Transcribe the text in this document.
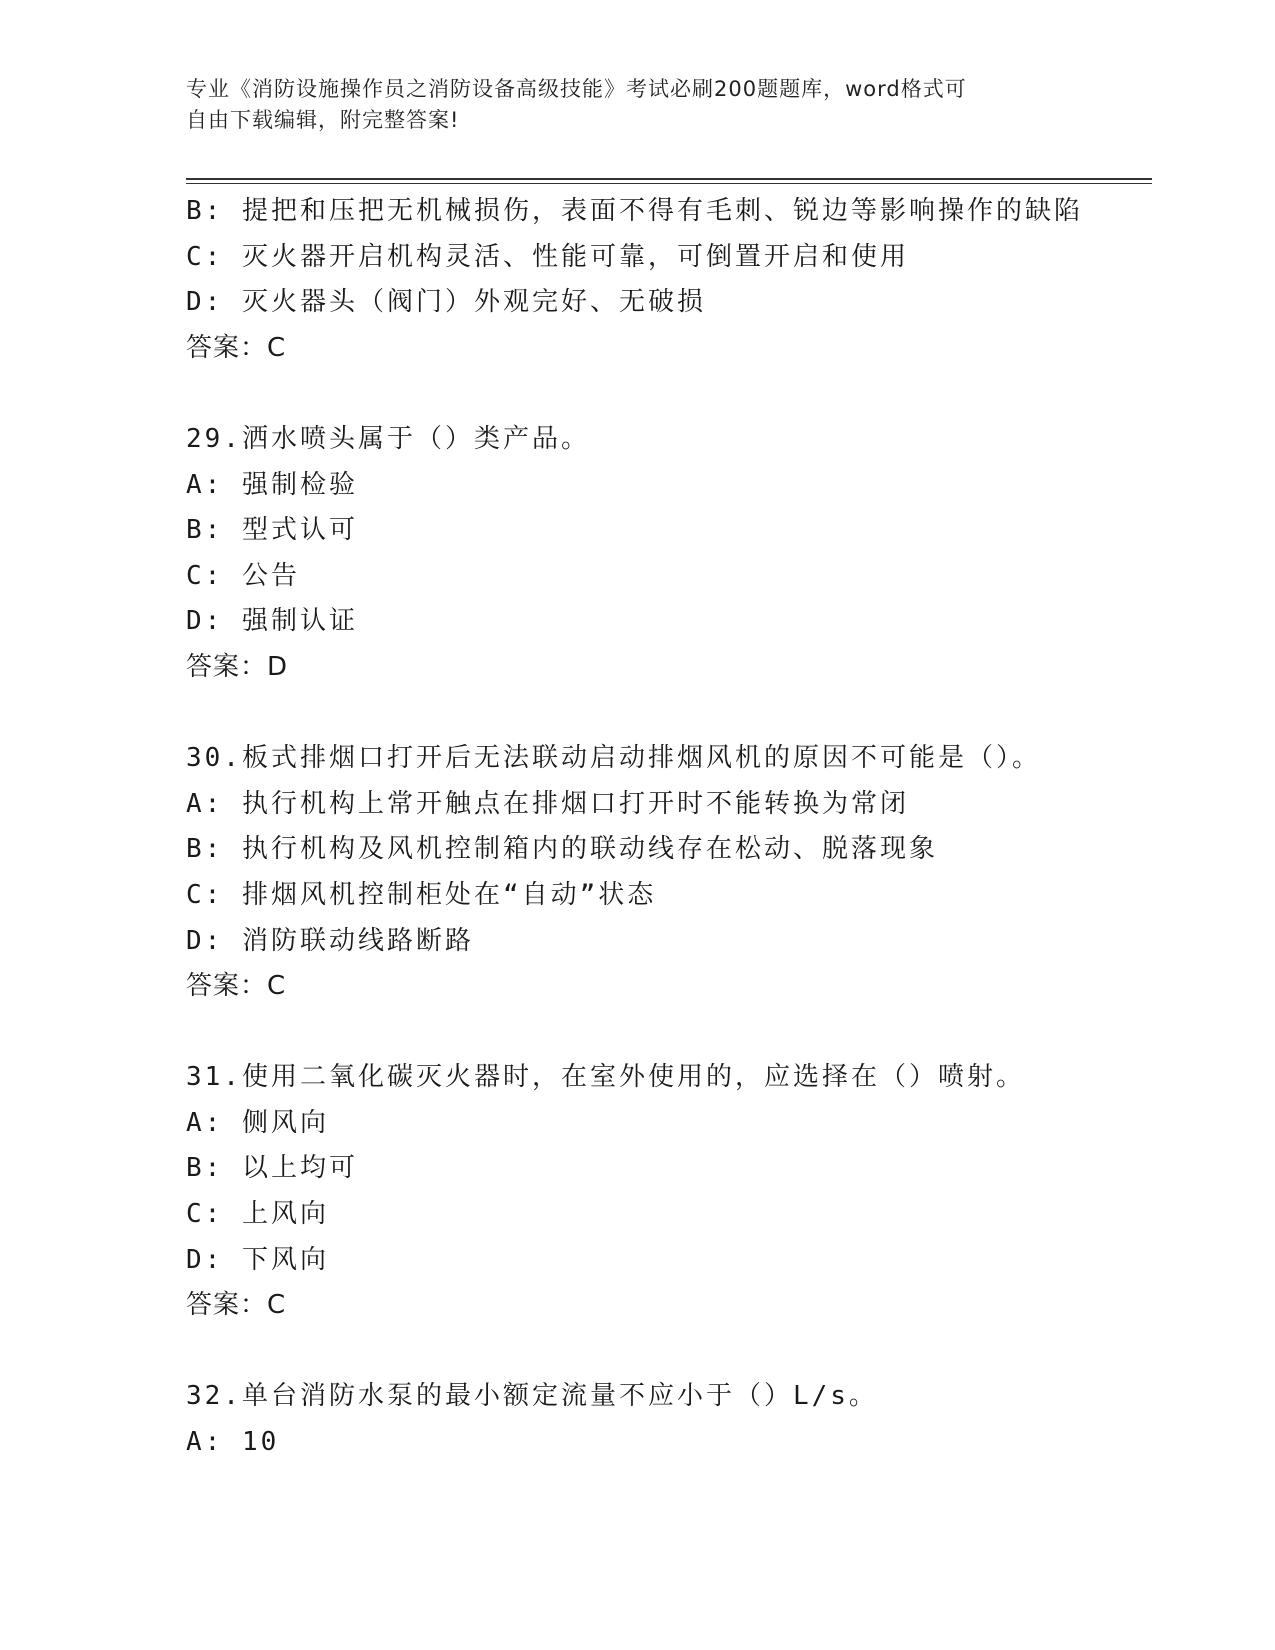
专业《消防设施操作员之消防设备高级技能》考试必刷200题题库，word格式可
自由下载编辑，附完整答案!
B: 提把和压把无机械损伤，表面不得有毛刺、锐边等影响操作的缺陷
C: 灭火器开启机构灵活、性能可靠，可倒置开启和使用
D: 灭火器头（阀门）外观完好、无破损
答案：C
29.洒水喷头属于（）类产品。
A: 强制检验
B: 型式认可
C: 公告
D: 强制认证
答案：D
30.板式排烟口打开后无法联动启动排烟风机的原因不可能是（）。
A: 执行机构上常开触点在排烟口打开时不能转换为常闭
B: 执行机构及风机控制箱内的联动线存在松动、脱落现象
C: 排烟风机控制柜处在“自动”状态
D: 消防联动线路断路
答案：C
31.使用二氧化碳灭火器时，在室外使用的，应选择在（）喷射。
A: 侧风向
B: 以上均可
C: 上风向
D: 下风向
答案：C
32.单台消防水泵的最小额定流量不应小于（）L/s。
A: 10
